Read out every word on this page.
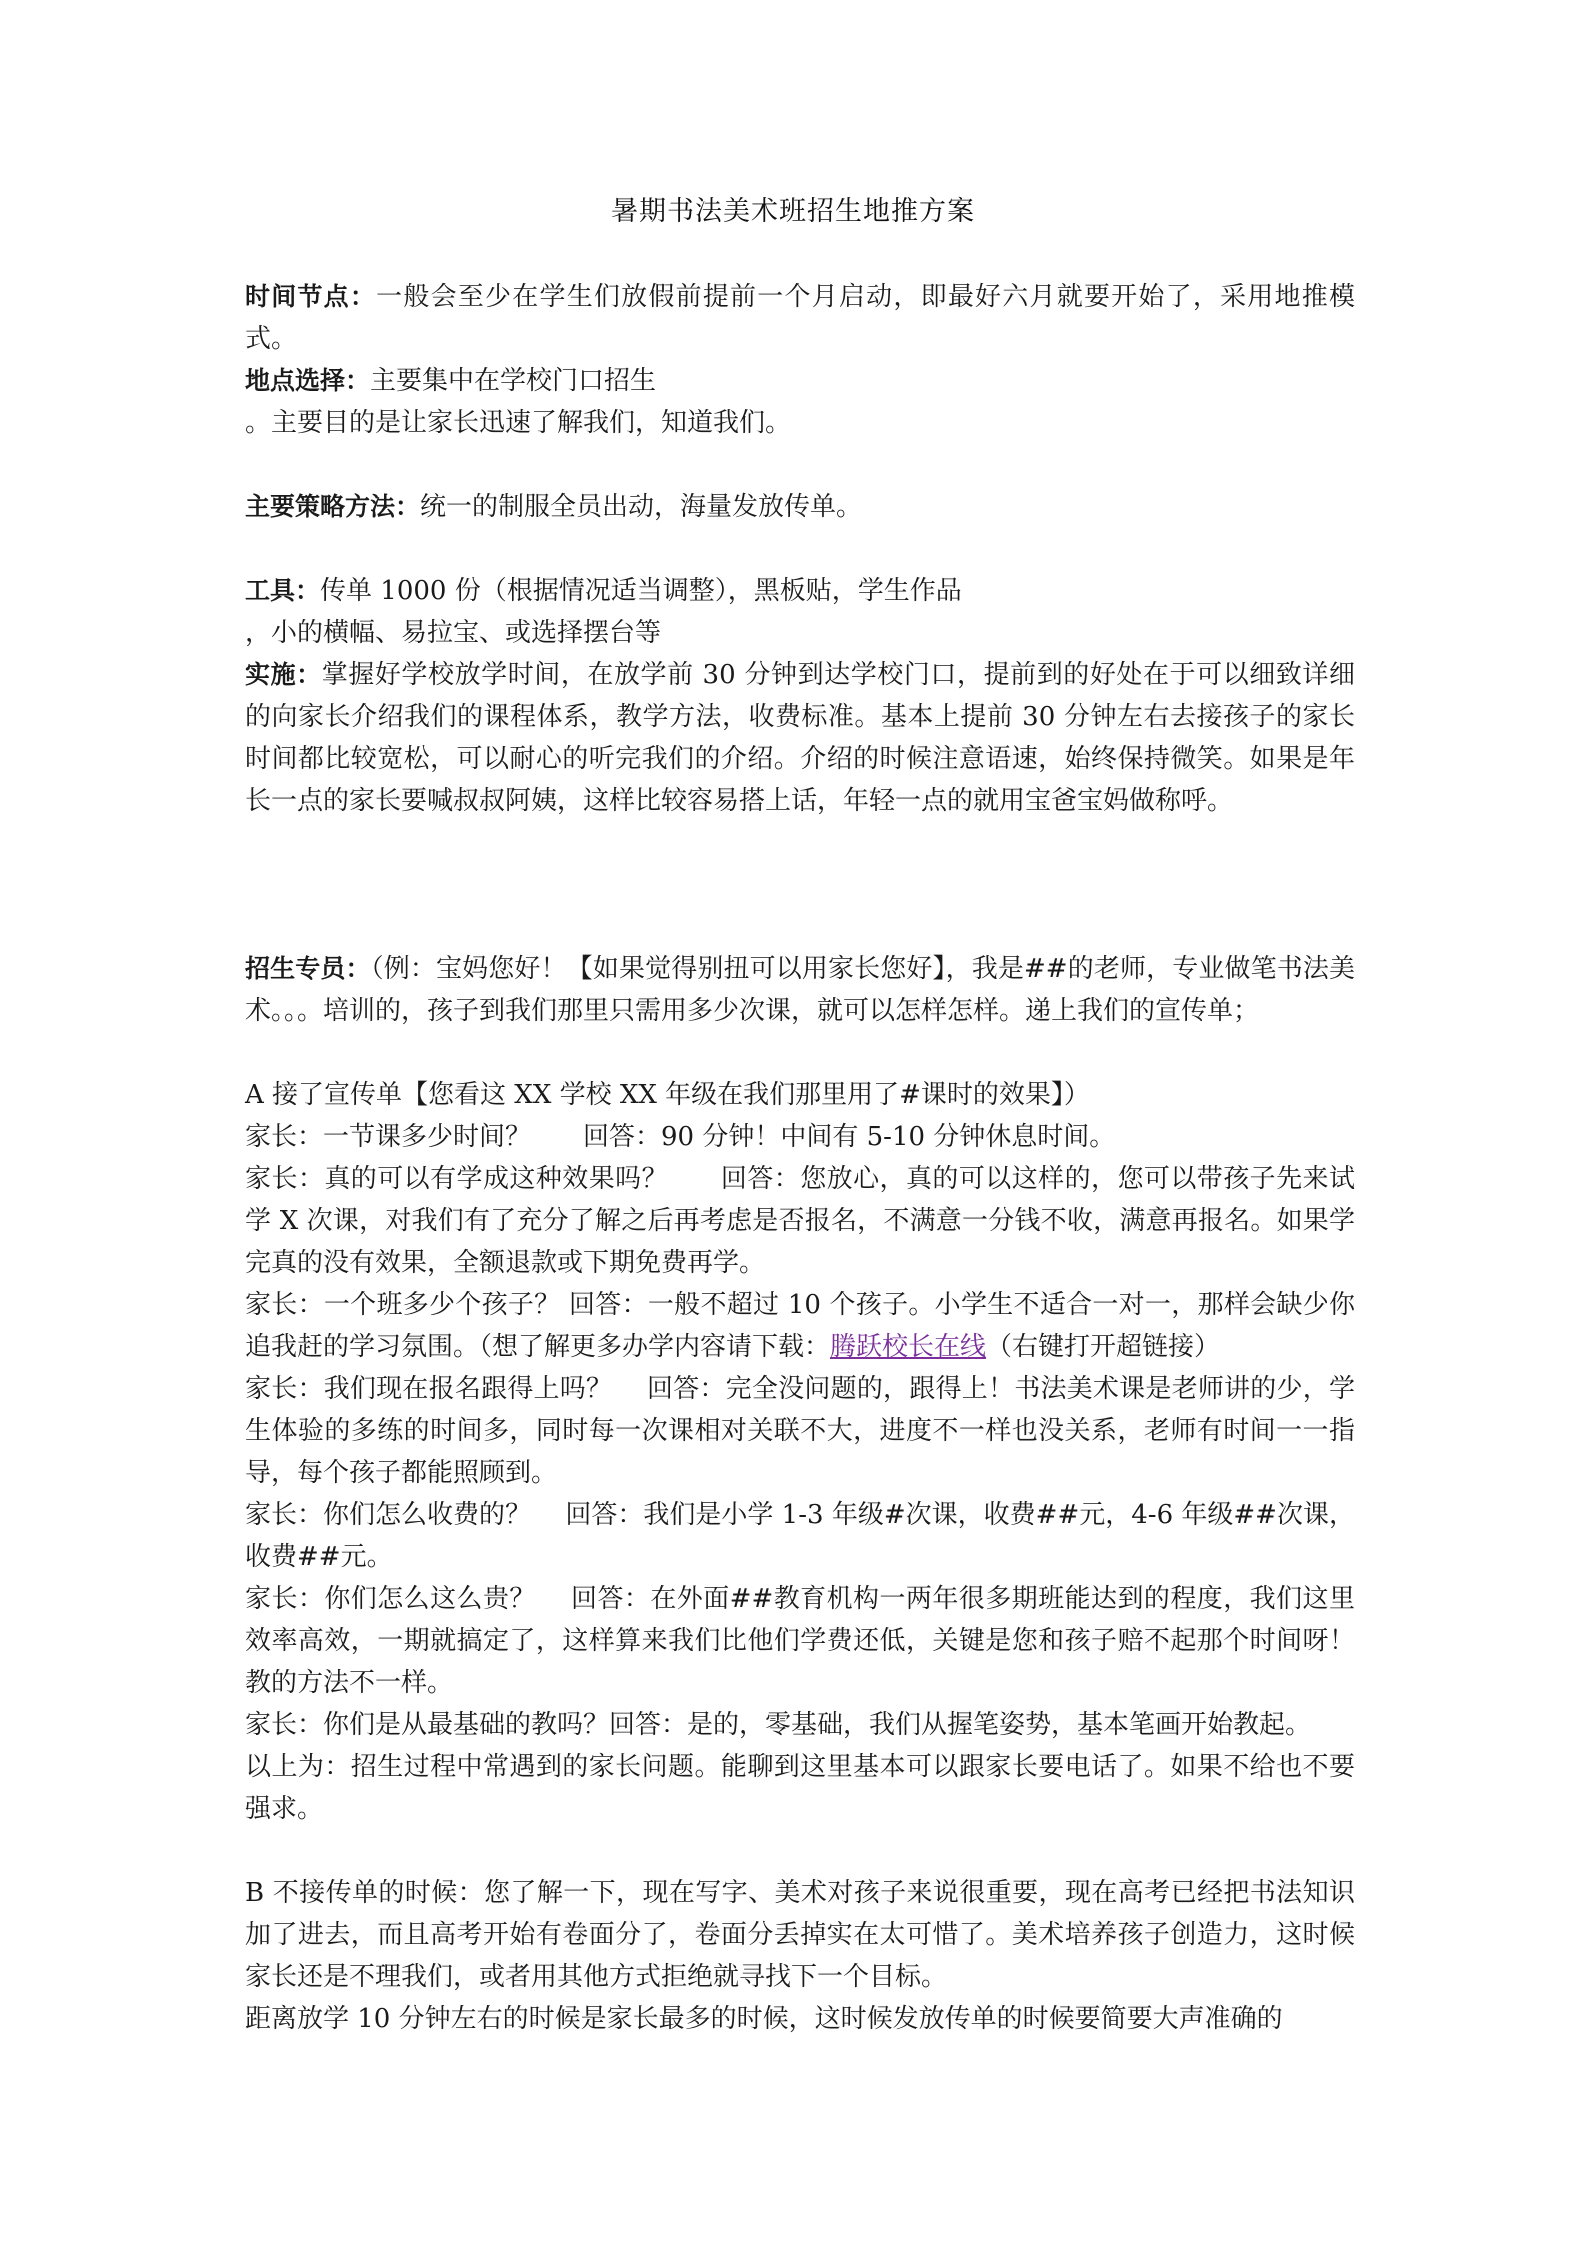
暑期书法美术班招生地推方案
时间节点：一般会至少在学生们放假前提前一个月启动，即最好六月就要开始了，采用地推模式。
地点选择：主要集中在学校门口招生
。主要目的是让家长迅速了解我们，知道我们。
主要策略方法：统一的制服全员出动，海量发放传单。
工具：传单 1000 份（根据情况适当调整），黑板贴，学生作品
，小的横幅、易拉宝、或选择摆台等
实施：掌握好学校放学时间，在放学前 30 分钟到达学校门口，提前到的好处在于可以细致详细的向家长介绍我们的课程体系，教学方法，收费标准。基本上提前 30 分钟左右去接孩子的家长时间都比较宽松，可以耐心的听完我们的介绍。介绍的时候注意语速，始终保持微笑。如果是年长一点的家长要喊叔叔阿姨，这样比较容易搭上话，年轻一点的就用宝爸宝妈做称呼。
招生专员：（例：宝妈您好！【如果觉得别扭可以用家长您好】，我是##的老师，专业做笔书法美术。。。培训的，孩子到我们那里只需用多少次课，就可以怎样怎样。递上我们的宣传单；
A 接了宣传单【您看这 XX 学校 XX 年级在我们那里用了#课时的效果】）
家长：一节课多少时间？　　回答：90 分钟！中间有 5-10 分钟休息时间。
家长：真的可以有学成这种效果吗？　　回答：您放心，真的可以这样的，您可以带孩子先来试学 X 次课，对我们有了充分了解之后再考虑是否报名，不满意一分钱不收，满意再报名。如果学完真的没有效果，全额退款或下期免费再学。
家长：一个班多少个孩子？ 回答：一般不超过 10 个孩子。小学生不适合一对一，那样会缺少你追我赶的学习氛围。（想了解更多办学内容请下载：腾跃校长在线（右键打开超链接）
家长：我们现在报名跟得上吗？　 回答：完全没问题的，跟得上！书法美术课是老师讲的少，学生体验的多练的时间多，同时每一次课相对关联不大，进度不一样也没关系，老师有时间一一指导，每个孩子都能照顾到。
家长：你们怎么收费的？　 回答：我们是小学 1-3 年级#次课，收费##元，4-6 年级##次课，收费##元。
家长：你们怎么这么贵？　 回答：在外面##教育机构一两年很多期班能达到的程度，我们这里效率高效，一期就搞定了，这样算来我们比他们学费还低，关键是您和孩子赔不起那个时间呀！教的方法不一样。
家长：你们是从最基础的教吗？回答：是的，零基础，我们从握笔姿势，基本笔画开始教起。
以上为：招生过程中常遇到的家长问题。能聊到这里基本可以跟家长要电话了。如果不给也不要强求。
B 不接传单的时候：您了解一下，现在写字、美术对孩子来说很重要，现在高考已经把书法知识加了进去，而且高考开始有卷面分了，卷面分丢掉实在太可惜了。美术培养孩子创造力，这时候家长还是不理我们，或者用其他方式拒绝就寻找下一个目标。
距离放学 10 分钟左右的时候是家长最多的时候，这时候发放传单的时候要简要大声准确的
